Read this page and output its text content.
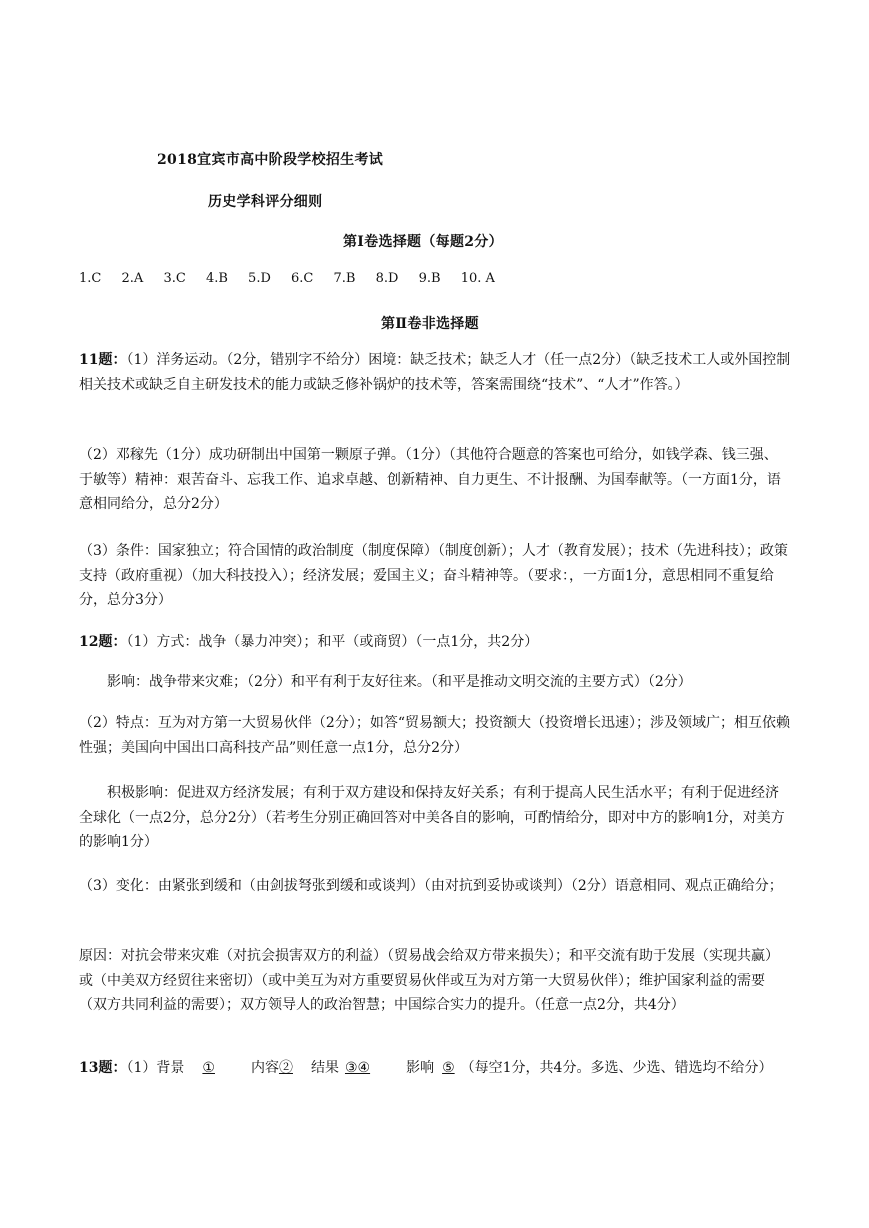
2018宜宾市高中阶段学校招生考试
历史学科评分细则
第Ⅰ卷选择题（每题2分）
1.C 2.A 3.C 4.B 5.D 6.C 7.B 8.D 9.B 10. A
第Ⅱ卷非选择题
11题：（1）洋务运动。（2分，错别字不给分）困境：缺乏技术；缺乏人才（任一点2分）（缺乏技术工人或外国控制相关技术或缺乏自主研发技术的能力或缺乏修补锅炉的技术等，答案需围绕“技术”、“人才”作答。）
（2）邓稼先（1分）成功研制出中国第一颗原子弹。（1分）（其他符合题意的答案也可给分，如钱学森、钱三强、于敏等）精神：艰苦奋斗、忘我工作、追求卓越、创新精神、自力更生、不计报酬、为国奉献等。（一方面1分，语意相同给分，总分2分）
（3）条件：国家独立；符合国情的政治制度（制度保障）（制度创新）；人才（教育发展）；技术（先进科技）；政策支持（政府重视）（加大科技投入）；经济发展；爱国主义；奋斗精神等。（要求：，一方面1分，意思相同不重复给分，总分3分）
12题：（1）方式：战争（暴力冲突）；和平（或商贸）（一点1分，共2分）
影响：战争带来灾难；（2分）和平有利于友好往来。（和平是推动文明交流的主要方式）（2分）
（2）特点：互为对方第一大贸易伙伴（2分）；如答“贸易额大；投资额大（投资增长迅速）；涉及领域广；相互依赖性强；美国向中国出口高科技产品”则任意一点1分，总分2分）
积极影响：促进双方经济发展；有利于双方建设和保持友好关系；有利于提高人民生活水平；有利于促进经济全球化（一点2分，总分2分）（若考生分别正确回答对中美各自的影响，可酌情给分，即对中方的影响1分，对美方的影响1分）
（3）变化：由紧张到缓和（由剑拔弩张到缓和或谈判）（由对抗到妥协或谈判）（2分）语意相同、观点正确给分；
原因：对抗会带来灾难（对抗会损害双方的利益）（贸易战会给双方带来损失）；和平交流有助于发展（实现共赢）或（中美双方经贸往来密切）（或中美互为对方重要贸易伙伴或互为对方第一大贸易伙伴）；维护国家利益的需要（双方共同利益的需要）；双方领导人的政治智慧；中国综合实力的提升。（任意一点2分，共4分）
13题：（1）背景 ①	内容② 结果 ③④	影响 ⑤ （每空1分，共4分。多选、少选、错选均不给分）
